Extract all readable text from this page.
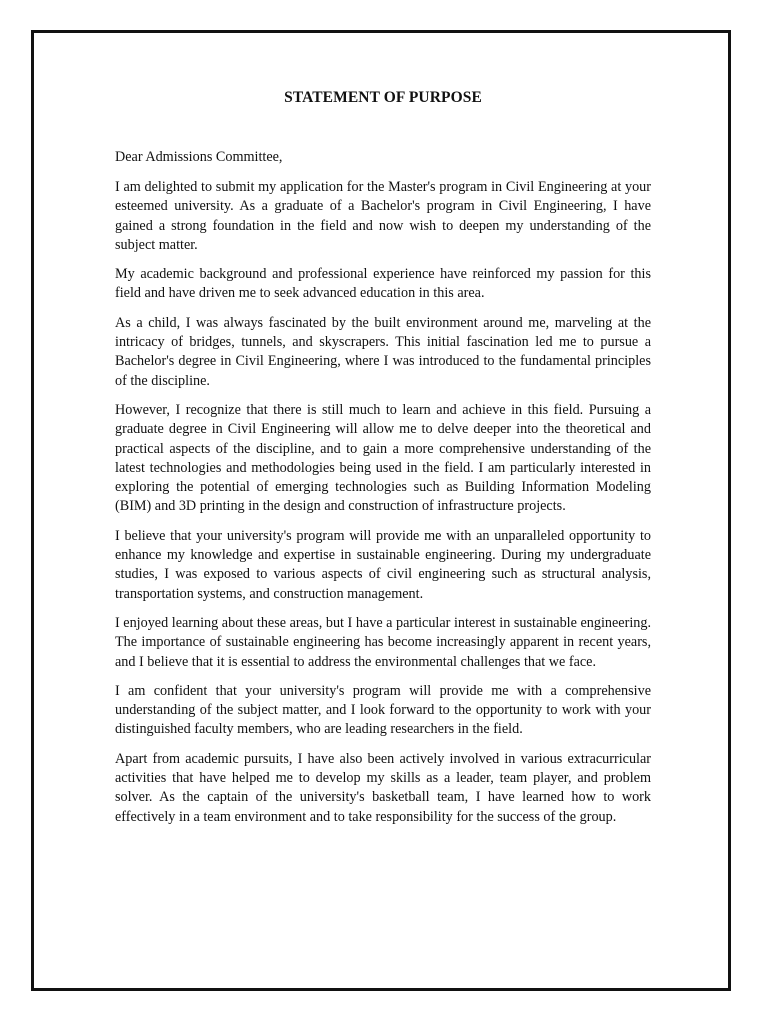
STATEMENT OF PURPOSE

Dear Admissions Committee,

I am delighted to submit my application for the Master's program in Civil Engineering at your esteemed university. As a graduate of a Bachelor's program in Civil Engineering, I have gained a strong foundation in the field and now wish to deepen my understanding of the subject matter.

My academic background and professional experience have reinforced my passion for this field and have driven me to seek advanced education in this area.

As a child, I was always fascinated by the built environment around me, marveling at the intricacy of bridges, tunnels, and skyscrapers. This initial fascination led me to pursue a Bachelor's degree in Civil Engineering, where I was introduced to the fundamental principles of the discipline.

However, I recognize that there is still much to learn and achieve in this field. Pursuing a graduate degree in Civil Engineering will allow me to delve deeper into the theoretical and practical aspects of the discipline, and to gain a more comprehensive understanding of the latest technologies and methodologies being used in the field. I am particularly interested in exploring the potential of emerging technologies such as Building Information Modeling (BIM) and 3D printing in the design and construction of infrastructure projects.

I believe that your university's program will provide me with an unparalleled opportunity to enhance my knowledge and expertise in sustainable engineering. During my undergraduate studies, I was exposed to various aspects of civil engineering such as structural analysis, transportation systems, and construction management.

I enjoyed learning about these areas, but I have a particular interest in sustainable engineering. The importance of sustainable engineering has become increasingly apparent in recent years, and I believe that it is essential to address the environmental challenges that we face.

I am confident that your university's program will provide me with a comprehensive understanding of the subject matter, and I look forward to the opportunity to work with your distinguished faculty members, who are leading researchers in the field.

Apart from academic pursuits, I have also been actively involved in various extracurricular activities that have helped me to develop my skills as a leader, team player, and problem solver. As the captain of the university's basketball team, I have learned how to work effectively in a team environment and to take responsibility for the success of the group.
